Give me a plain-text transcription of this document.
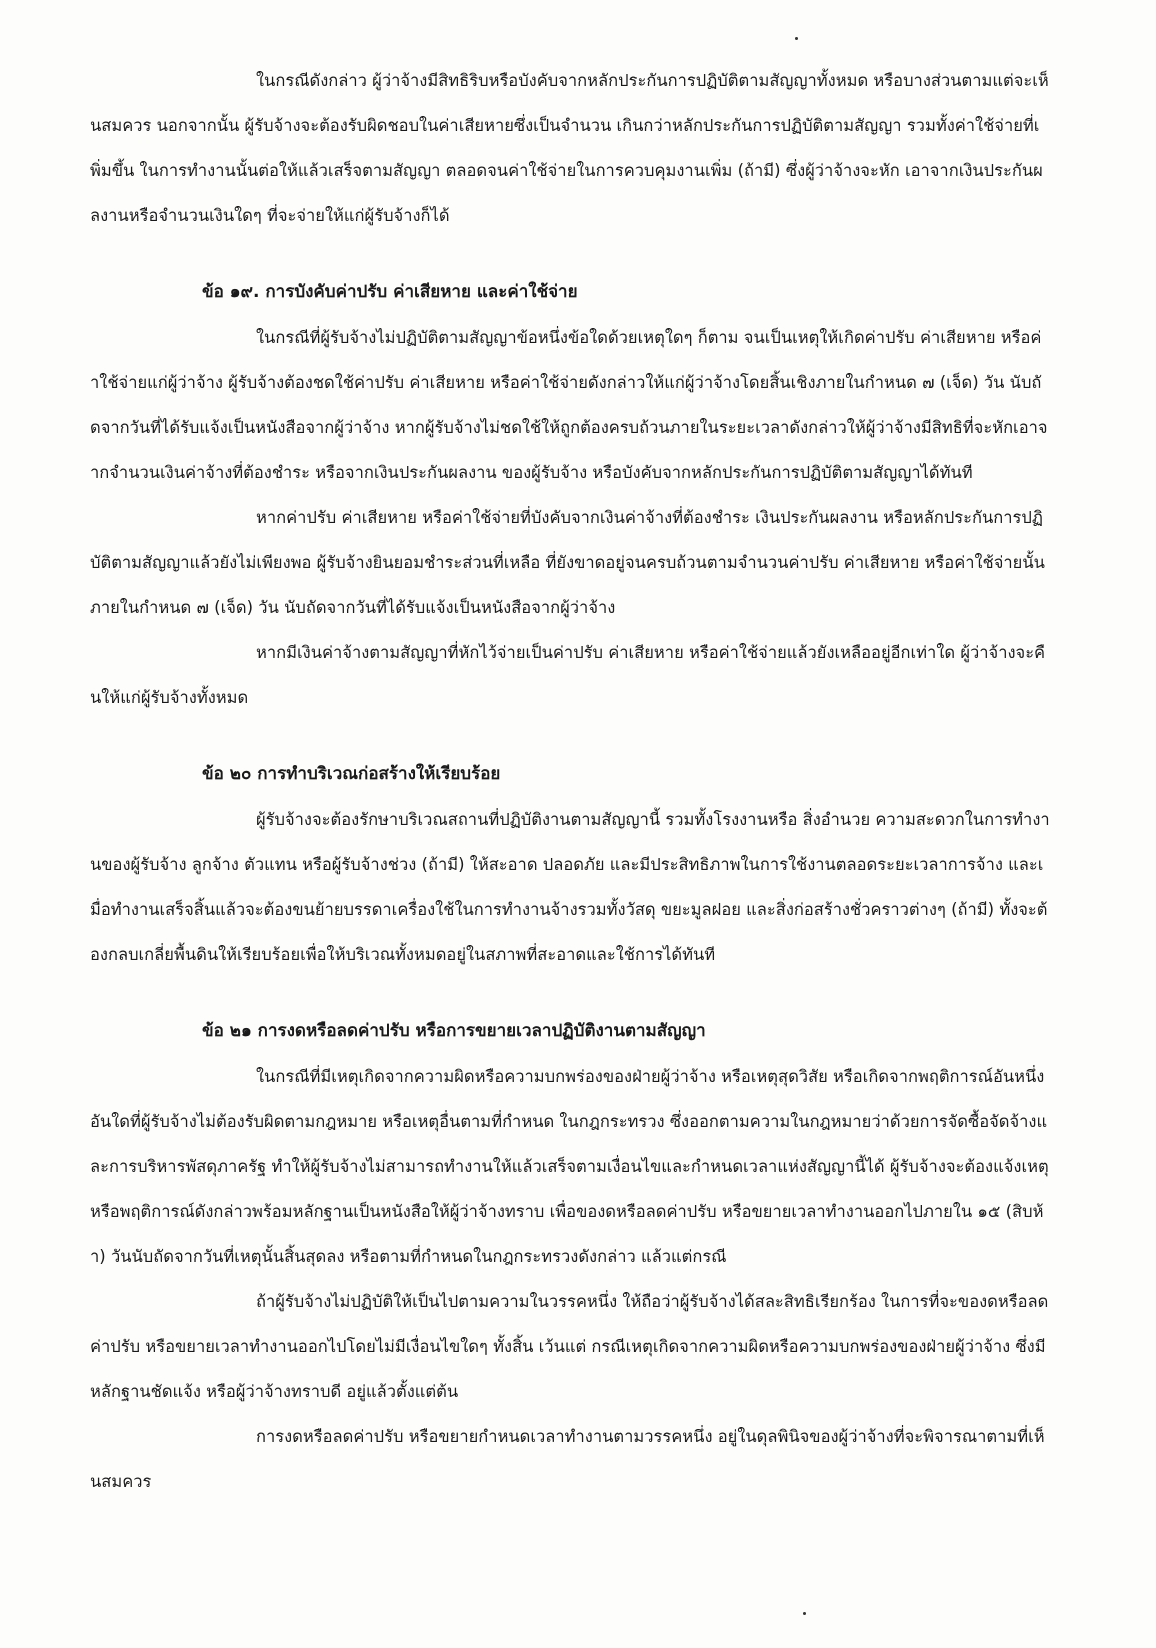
ในกรณีดังกล่าว ผู้ว่าจ้างมีสิทธิริบหรือบังคับจากหลักประกันการปฏิบัติตามสัญญาทั้งหมด หรือบางส่วนตามแต่จะเห็นสมควร นอกจากนั้น ผู้รับจ้างจะต้องรับผิดชอบในค่าเสียหายซึ่งเป็นจำนวน เกินกว่าหลักประกันการปฏิบัติตามสัญญา รวมทั้งค่าใช้จ่ายที่เพิ่มขึ้น ในการทำงานนั้นต่อให้แล้วเสร็จตามสัญญา ตลอดจนค่าใช้จ่ายในการควบคุมงานเพิ่ม (ถ้ามี) ซึ่งผู้ว่าจ้างจะหัก เอาจากเงินประกันผลงานหรือจำนวนเงินใดๆ ที่จะจ่ายให้แก่ผู้รับจ้างก็ได้

ข้อ ๑๙. การบังคับค่าปรับ ค่าเสียหาย และค่าใช้จ่าย

ในกรณีที่ผู้รับจ้างไม่ปฏิบัติตามสัญญาข้อหนึ่งข้อใดด้วยเหตุใดๆ ก็ตาม จนเป็นเหตุให้เกิดค่าปรับ ค่าเสียหาย หรือค่าใช้จ่ายแก่ผู้ว่าจ้าง ผู้รับจ้างต้องชดใช้ค่าปรับ ค่าเสียหาย หรือค่าใช้จ่ายดังกล่าวให้แก่ผู้ว่าจ้างโดยสิ้นเชิงภายในกำหนด ๗ (เจ็ด) วัน นับถัดจากวันที่ได้รับแจ้งเป็นหนังสือจากผู้ว่าจ้าง หากผู้รับจ้างไม่ชดใช้ให้ถูกต้องครบถ้วนภายในระยะเวลาดังกล่าวให้ผู้ว่าจ้างมีสิทธิที่จะหักเอาจากจำนวนเงินค่าจ้างที่ต้องชำระ หรือจากเงินประกันผลงาน ของผู้รับจ้าง หรือบังคับจากหลักประกันการปฏิบัติตามสัญญาได้ทันที

หากค่าปรับ ค่าเสียหาย หรือค่าใช้จ่ายที่บังคับจากเงินค่าจ้างที่ต้องชำระ เงินประกันผลงาน หรือหลักประกันการปฏิบัติตามสัญญาแล้วยังไม่เพียงพอ ผู้รับจ้างยินยอมชำระส่วนที่เหลือ ที่ยังขาดอยู่จนครบถ้วนตามจำนวนค่าปรับ ค่าเสียหาย หรือค่าใช้จ่ายนั้น ภายในกำหนด ๗ (เจ็ด) วัน นับถัดจากวันที่ได้รับแจ้งเป็นหนังสือจากผู้ว่าจ้าง

หากมีเงินค่าจ้างตามสัญญาที่หักไว้จ่ายเป็นค่าปรับ ค่าเสียหาย หรือค่าใช้จ่ายแล้วยังเหลืออยู่อีกเท่าใด ผู้ว่าจ้างจะคืนให้แก่ผู้รับจ้างทั้งหมด

ข้อ ๒๐ การทำบริเวณก่อสร้างให้เรียบร้อย

ผู้รับจ้างจะต้องรักษาบริเวณสถานที่ปฏิบัติงานตามสัญญานี้ รวมทั้งโรงงานหรือ สิ่งอำนวย ความสะดวกในการทำงานของผู้รับจ้าง ลูกจ้าง ตัวแทน หรือผู้รับจ้างช่วง (ถ้ามี) ให้สะอาด ปลอดภัย และมีประสิทธิภาพในการใช้งานตลอดระยะเวลาการจ้าง และเมื่อทำงานเสร็จสิ้นแล้วจะต้องขนย้ายบรรดาเครื่องใช้ในการทำงานจ้างรวมทั้งวัสดุ ขยะมูลฝอย และสิ่งก่อสร้างชั่วคราวต่างๆ (ถ้ามี) ทั้งจะต้องกลบเกลี่ยพื้นดินให้เรียบร้อยเพื่อให้บริเวณทั้งหมดอยู่ในสภาพที่สะอาดและใช้การได้ทันที

ข้อ ๒๑ การงดหรือลดค่าปรับ หรือการขยายเวลาปฏิบัติงานตามสัญญา

ในกรณีที่มีเหตุเกิดจากความผิดหรือความบกพร่องของฝ่ายผู้ว่าจ้าง หรือเหตุสุดวิสัย หรือเกิดจากพฤติการณ์อันหนึ่งอันใดที่ผู้รับจ้างไม่ต้องรับผิดตามกฎหมาย หรือเหตุอื่นตามที่กำหนด ในกฎกระทรวง ซึ่งออกตามความในกฎหมายว่าด้วยการจัดซื้อจัดจ้างและการบริหารพัสดุภาครัฐ ทำให้ผู้รับจ้างไม่สามารถทำงานให้แล้วเสร็จตามเงื่อนไขและกำหนดเวลาแห่งสัญญานี้ได้ ผู้รับจ้างจะต้องแจ้งเหตุหรือพฤติการณ์ดังกล่าวพร้อมหลักฐานเป็นหนังสือให้ผู้ว่าจ้างทราบ เพื่อของดหรือลดค่าปรับ หรือขยายเวลาทำงานออกไปภายใน ๑๕ (สิบห้า) วันนับถัดจากวันที่เหตุนั้นสิ้นสุดลง หรือตามที่กำหนดในกฎกระทรวงดังกล่าว แล้วแต่กรณี

ถ้าผู้รับจ้างไม่ปฏิบัติให้เป็นไปตามความในวรรคหนึ่ง ให้ถือว่าผู้รับจ้างได้สละสิทธิเรียกร้อง ในการที่จะของดหรือลดค่าปรับ หรือขยายเวลาทำงานออกไปโดยไม่มีเงื่อนไขใดๆ ทั้งสิ้น เว้นแต่ กรณีเหตุเกิดจากความผิดหรือความบกพร่องของฝ่ายผู้ว่าจ้าง ซึ่งมีหลักฐานชัดแจ้ง หรือผู้ว่าจ้างทราบดี อยู่แล้วตั้งแต่ต้น

การงดหรือลดค่าปรับ หรือขยายกำหนดเวลาทำงานตามวรรคหนึ่ง อยู่ในดุลพินิจของผู้ว่าจ้างที่จะพิจารณาตามที่เห็นสมควร
